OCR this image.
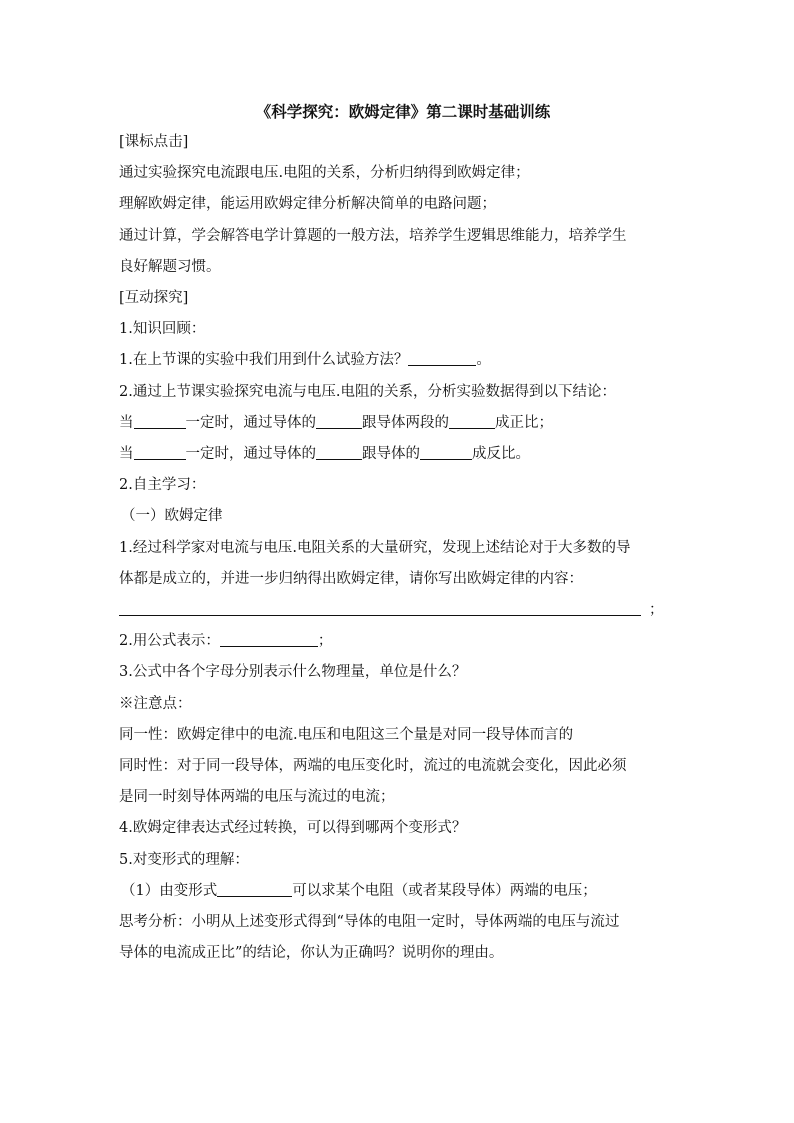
《科学探究：欧姆定律》第二课时基础训练

[课标点击]

通过实验探究电流跟电压.电阻的关系，分析归纳得到欧姆定律；

理解欧姆定律，能运用欧姆定律分析解决简单的电路问题；

通过计算，学会解答电学计算题的一般方法，培养学生逻辑思维能力，培养学生

良好解题习惯。

[互动探究]

1.知识回顾：

1.在上节课的实验中我们用到什么试验方法？	。

2.通过上节课实验探究电流与电压.电阻的关系，分析实验数据得到以下结论：

当	一定时，通过导体的	跟导体两段的	成正比；

当	一定时，通过导体的	跟导体的	成反比。

2.自主学习：

（一）欧姆定律

1.经过科学家对电流与电压.电阻关系的大量研究，发现上述结论对于大多数的导

体都是成立的，并进一步归纳得出欧姆定律，请你写出欧姆定律的内容：

；

2.用公式表示：	；

3.公式中各个字母分别表示什么物理量，单位是什么？

※注意点：

同一性：欧姆定律中的电流.电压和电阻这三个量是对同一段导体而言的

同时性：对于同一段导体，两端的电压变化时，流过的电流就会变化，因此必须

是同一时刻导体两端的电压与流过的电流；

4.欧姆定律表达式经过转换，可以得到哪两个变形式？

5.对变形式的理解：

（1）由变形式	可以求某个电阻（或者某段导体）两端的电压；

思考分析：小明从上述变形式得到“导体的电阻一定时，导体两端的电压与流过

导体的电流成正比”的结论，你认为正确吗？说明你的理由。
